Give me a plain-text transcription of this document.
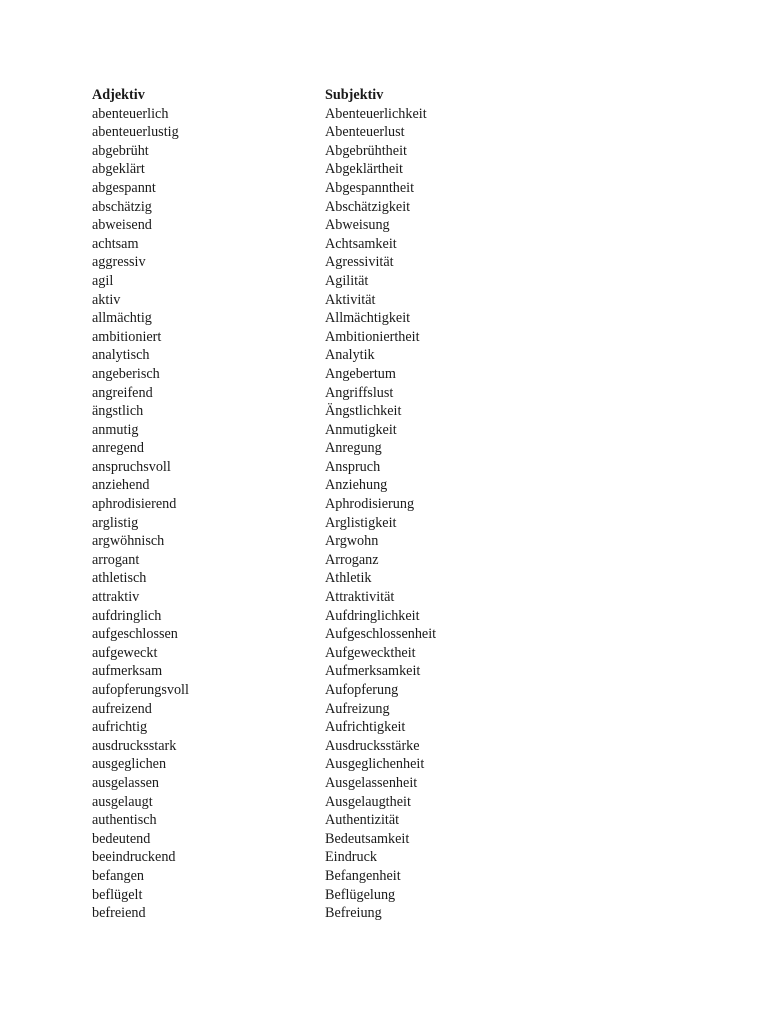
Adjektiv	Subjektiv
abenteuerlich	Abenteuerlichkeit
abenteuerlustig	Abenteuerlust
abgebrüht	Abgebrühtheit
abgeklärt	Abgeklärtheit
abgespannt	Abgespanntheit
abschätzig	Abschätzigkeit
abweisend	Abweisung
achtsam	Achtsamkeit
aggressiv	Agressivität
agil	Agilität
aktiv	Aktivität
allmächtig	Allmächtigkeit
ambitioniert	Ambitioniertheit
analytisch	Analytik
angeberisch	Angebertum
angreifend	Angriffslust
ängstlich	Ängstlichkeit
anmutig	Anmutigkeit
anregend	Anregung
anspruchsvoll	Anspruch
anziehend	Anziehung
aphrodisierend	Aphrodisierung
arglistig	Arglistigkeit
argwöhnisch	Argwohn
arrogant	Arroganz
athletisch	Athletik
attraktiv	Attraktivität
aufdringlich	Aufdringlichkeit
aufgeschlossen	Aufgeschlossenheit
aufgeweckt	Aufgewecktheit
aufmerksam	Aufmerksamkeit
aufopferungsvoll	Aufopferung
aufreizend	Aufreizung
aufrichtig	Aufrichtigkeit
ausdrucksstark	Ausdrucksstärke
ausgeglichen	Ausgeglichenheit
ausgelassen	Ausgelassenheit
ausgelaugt	Ausgelaugtheit
authentisch	Authentizität
bedeutend	Bedeutsamkeit
beeindruckend	Eindruck
befangen	Befangenheit
beflügelt	Beflügelung
befreiend	Befreiung
